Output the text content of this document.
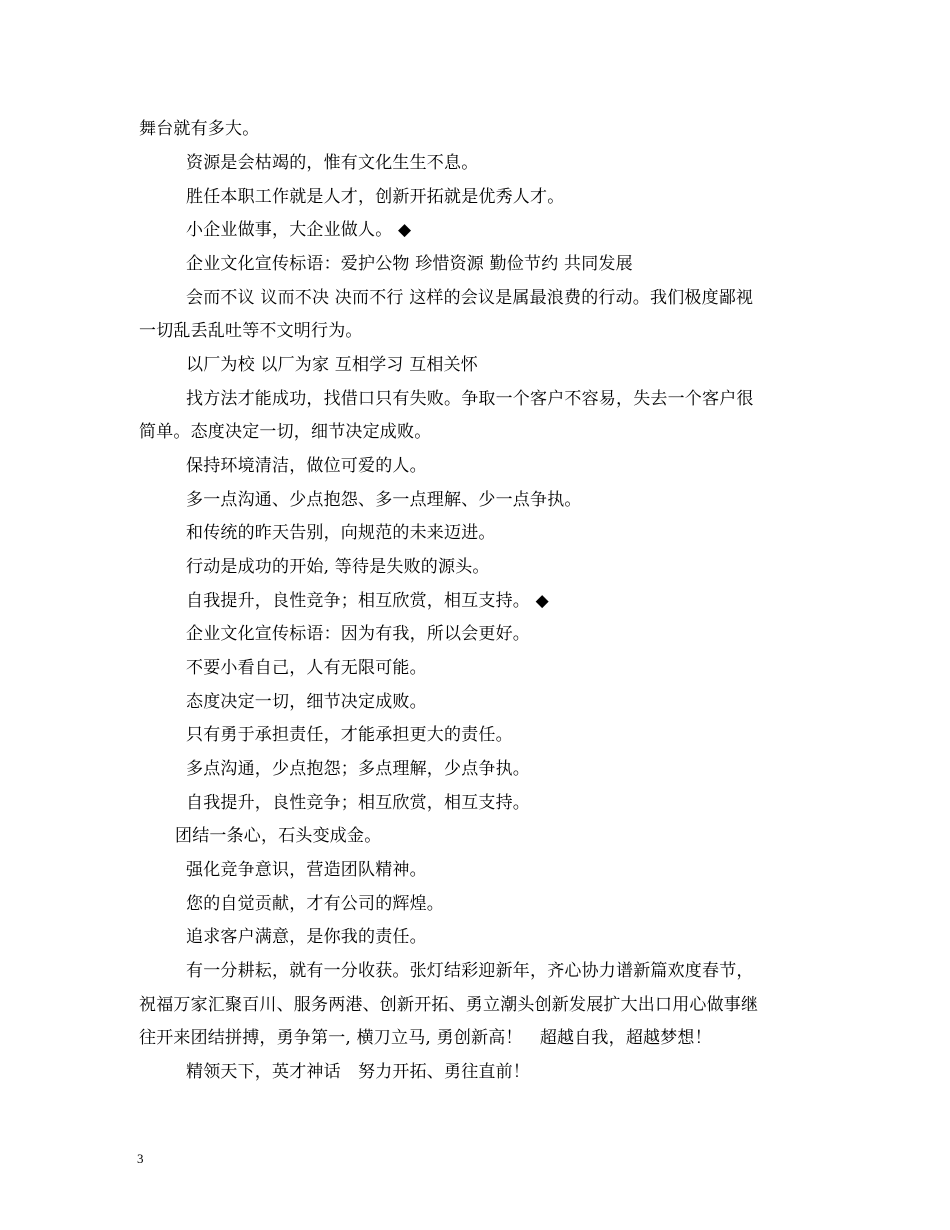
舞台就有多大。
资源是会枯竭的，惟有文化生生不息。
胜任本职工作就是人才，创新开拓就是优秀人才。
小企业做事，大企业做人。 ◆
企业文化宣传标语：爱护公物 珍惜资源 勤俭节约 共同发展
会而不议 议而不决 决而不行 这样的会议是属最浪费的行动。我们极度鄙视
一切乱丢乱吐等不文明行为。
以厂为校 以厂为家 互相学习 互相关怀
找方法才能成功，找借口只有失败。争取一个客户不容易，失去一个客户很
简单。态度决定一切，细节决定成败。
保持环境清洁，做位可爱的人。
多一点沟通、少点抱怨、多一点理解、少一点争执。
和传统的昨天告别，向规范的未来迈进。
行动是成功的开始, 等待是失败的源头。
自我提升，良性竞争；相互欣赏，相互支持。 ◆
企业文化宣传标语：因为有我，所以会更好。
不要小看自己，人有无限可能。
态度决定一切，细节决定成败。
只有勇于承担责任，才能承担更大的责任。
多点沟通，少点抱怨；多点理解，少点争执。
自我提升，良性竞争；相互欣赏，相互支持。
团结一条心，石头变成金。
强化竞争意识，营造团队精神。
您的自觉贡献，才有公司的辉煌。
追求客户满意，是你我的责任。
有一分耕耘，就有一分收获。张灯结彩迎新年，齐心协力谱新篇欢度春节，
祝福万家汇聚百川、服务两港、创新开拓、勇立潮头创新发展扩大出口用心做事继
往开来团结拼搏，勇争第一, 横刀立马, 勇创新高！　超越自我，超越梦想！
精领天下，英才神话　努力开拓、勇往直前！
3
